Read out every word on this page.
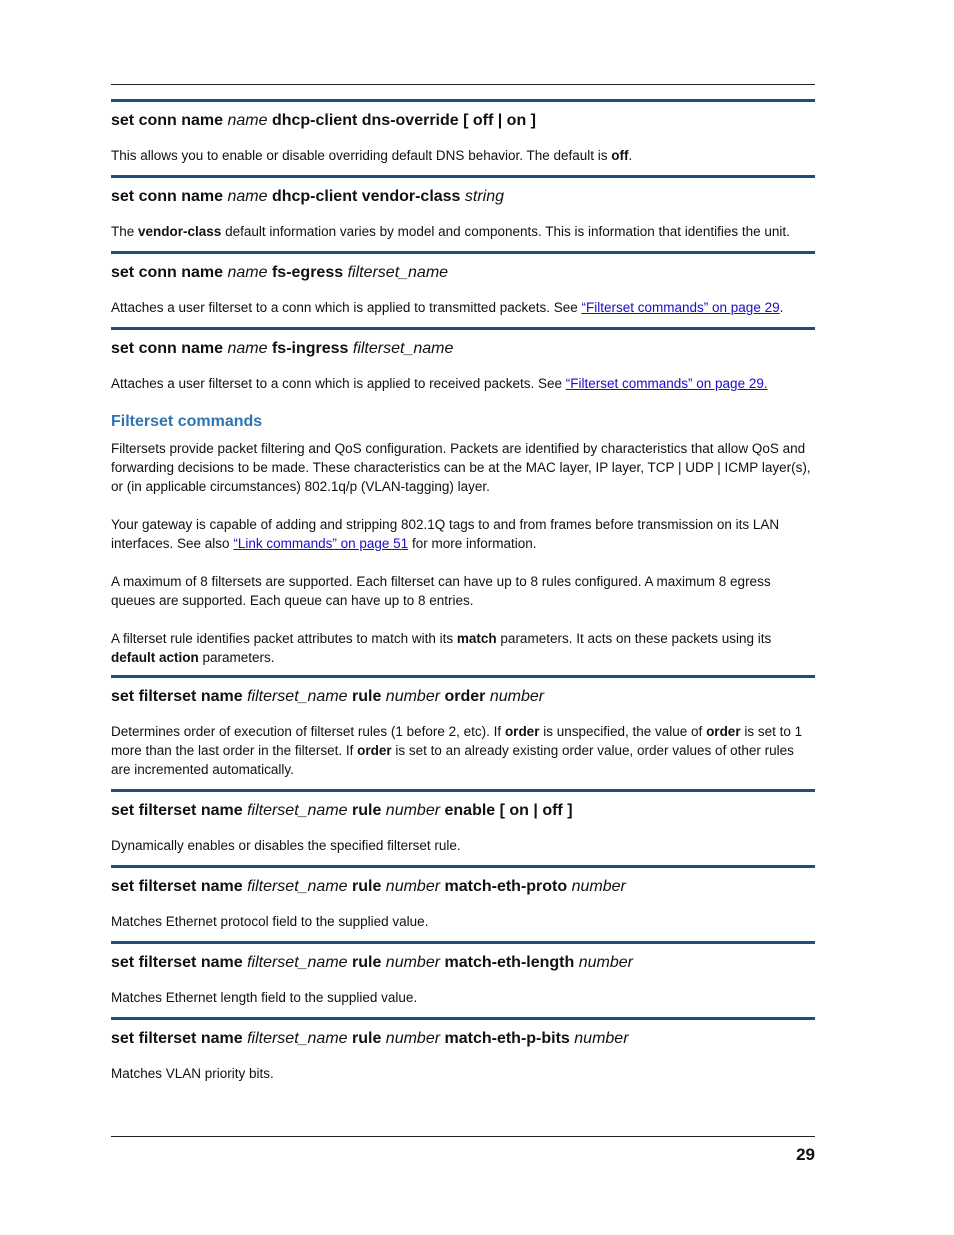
set conn name name dhcp-client dns-override [ off | on ]

This allows you to enable or disable overriding default DNS behavior. The default is off.

set conn name name dhcp-client vendor-class string

The vendor-class default information varies by model and components. This is information that identifies the unit.

set conn name name fs-egress filterset_name

Attaches a user filterset to a conn which is applied to transmitted packets. See “Filterset commands” on page 29.

set conn name name fs-ingress filterset_name

Attaches a user filterset to a conn which is applied to received packets. See “Filterset commands” on page 29.

Filterset commands

Filtersets provide packet filtering and QoS configuration. Packets are identified by characteristics that allow QoS and forwarding decisions to be made. These characteristics can be at the MAC layer, IP layer, TCP | UDP | ICMP layer(s), or (in applicable circumstances) 802.1q/p (VLAN-tagging) layer.

Your gateway is capable of adding and stripping 802.1Q tags to and from frames before transmission on its LAN interfaces. See also “Link commands” on page 51 for more information.

A maximum of 8 filtersets are supported. Each filterset can have up to 8 rules configured. A maximum 8 egress queues are supported. Each queue can have up to 8 entries.

A filterset rule identifies packet attributes to match with its match parameters. It acts on these packets using its default action parameters.

set filterset name filterset_name rule number order number

Determines order of execution of filterset rules (1 before 2, etc). If order is unspecified, the value of order is set to 1 more than the last order in the filterset. If order is set to an already existing order value, order values of other rules are incremented automatically.

set filterset name filterset_name rule number enable [ on | off ]

Dynamically enables or disables the specified filterset rule.

set filterset name filterset_name rule number match-eth-proto number

Matches Ethernet protocol field to the supplied value.

set filterset name filterset_name rule number match-eth-length number

Matches Ethernet length field to the supplied value.

set filterset name filterset_name rule number match-eth-p-bits number

Matches VLAN priority bits.

29
